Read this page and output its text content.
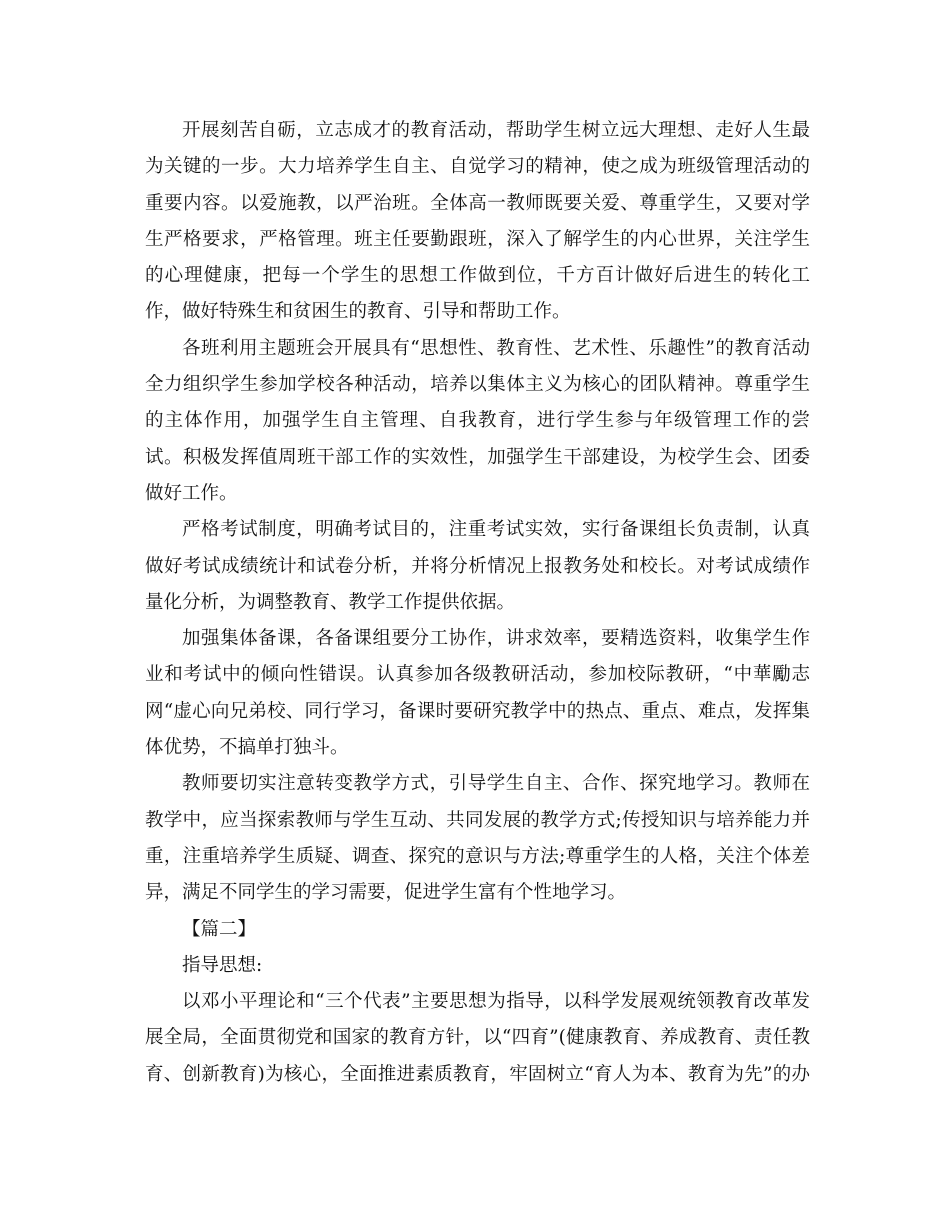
开展刻苦自砺，立志成才的教育活动，帮助学生树立远大理想、走好人生最
为关键的一步。大力培养学生自主、自觉学习的精神，使之成为班级管理活动的
重要内容。以爱施教，以严治班。全体高一教师既要关爱、尊重学生，又要对学
生严格要求，严格管理。班主任要勤跟班，深入了解学生的内心世界，关注学生
的心理健康，把每一个学生的思想工作做到位，千方百计做好后进生的转化工
作，做好特殊生和贫困生的教育、引导和帮助工作。
各班利用主题班会开展具有“思想性、教育性、艺术性、乐趣性”的教育活动
全力组织学生参加学校各种活动，培养以集体主义为核心的团队精神。尊重学生
的主体作用，加强学生自主管理、自我教育，进行学生参与年级管理工作的尝
试。积极发挥值周班干部工作的实效性，加强学生干部建设，为校学生会、团委
做好工作。
严格考试制度，明确考试目的，注重考试实效，实行备课组长负责制，认真
做好考试成绩统计和试卷分析，并将分析情况上报教务处和校长。对考试成绩作
量化分析，为调整教育、教学工作提供依据。
加强集体备课，各备课组要分工协作，讲求效率，要精选资料，收集学生作
业和考试中的倾向性错误。认真参加各级教研活动，参加校际教研，“中華勵志
网“虚心向兄弟校、同行学习，备课时要研究教学中的热点、重点、难点，发挥集
体优势，不搞单打独斗。
教师要切实注意转变教学方式，引导学生自主、合作、探究地学习。教师在
教学中，应当探索教师与学生互动、共同发展的教学方式;传授知识与培养能力并
重，注重培养学生质疑、调查、探究的意识与方法;尊重学生的人格，关注个体差
异，满足不同学生的学习需要，促进学生富有个性地学习。
【篇二】
指导思想:
以邓小平理论和“三个代表”主要思想为指导，以科学发展观统领教育改革发
展全局，全面贯彻党和国家的教育方针，以“四育”(健康教育、养成教育、责任教
育、创新教育)为核心，全面推进素质教育，牢固树立“育人为本、教育为先”的办
